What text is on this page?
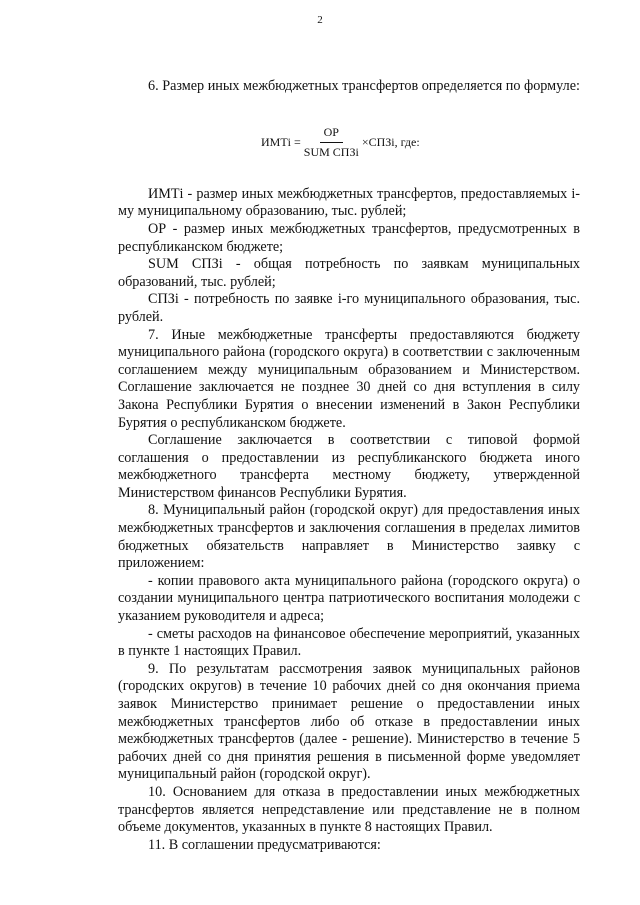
2

6. Размер иных межбюджетных трансфертов определяется по формуле:

ИМТi = $\frac{ОР}{\text{SUM СПЗi}}$ ×СПЗi, где:

ИМТi - размер иных межбюджетных трансфертов, предоставляемых i-му муниципальному образованию, тыс. рублей;

ОР - размер иных межбюджетных трансфертов, предусмотренных в республиканском бюджете;

SUM СПЗi - общая потребность по заявкам муниципальных образований, тыс. рублей;

СПЗi - потребность по заявке i-го муниципального образования, тыс. рублей.

7. Иные межбюджетные трансферты предоставляются бюджету муниципального района (городского округа) в соответствии с заключенным соглашением между муниципальным образованием и Министерством. Соглашение заключается не позднее 30 дней со дня вступления в силу Закона Республики Бурятия о внесении изменений в Закон Республики Бурятия о республиканском бюджете.

Соглашение заключается в соответствии с типовой формой соглашения о предоставлении из республиканского бюджета иного межбюджетного трансферта местному бюджету, утвержденной Министерством финансов Республики Бурятия.

8. Муниципальный район (городской округ) для предоставления иных межбюджетных трансфертов и заключения соглашения в пределах лимитов бюджетных обязательств направляет в Министерство заявку с приложением:

- копии правового акта муниципального района (городского округа) о создании муниципального центра патриотического воспитания молодежи с указанием руководителя и адреса;

- сметы расходов на финансовое обеспечение мероприятий, указанных в пункте 1 настоящих Правил.

9. По результатам рассмотрения заявок муниципальных районов (городских округов) в течение 10 рабочих дней со дня окончания приема заявок Министерство принимает решение о предоставлении иных межбюджетных трансфертов либо об отказе в предоставлении иных межбюджетных трансфертов (далее - решение). Министерство в течение 5 рабочих дней со дня принятия решения в письменной форме уведомляет муниципальный район (городской округ).

10. Основанием для отказа в предоставлении иных межбюджетных трансфертов является непредставление или представление не в полном объеме документов, указанных в пункте 8 настоящих Правил.

11. В соглашении предусматриваются:
